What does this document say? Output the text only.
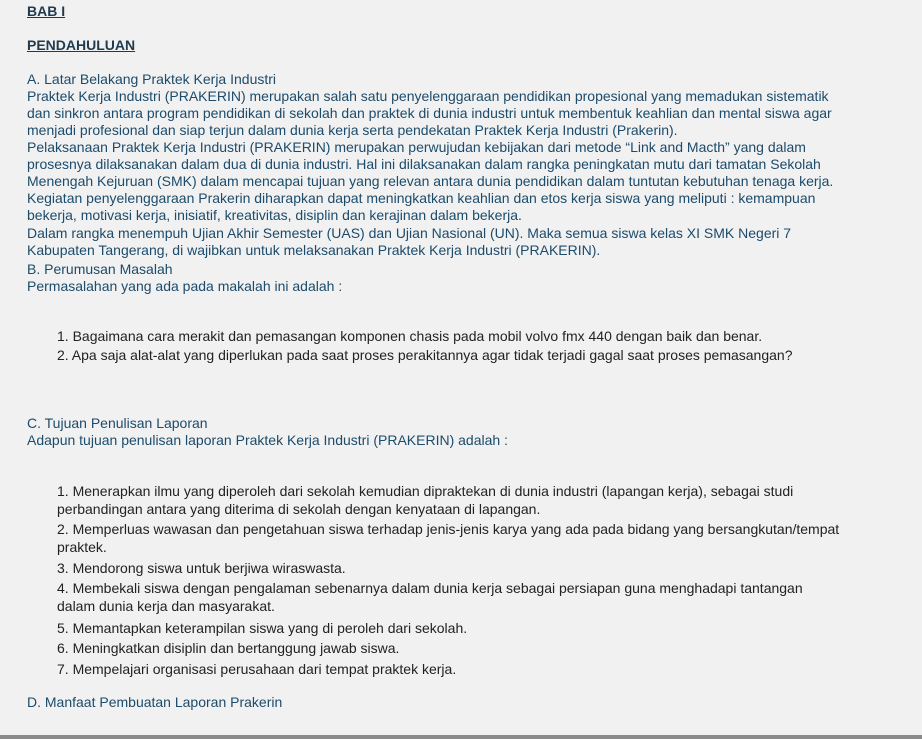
BAB I
PENDAHULUAN
A. Latar Belakang Praktek Kerja Industri
Praktek Kerja Industri (PRAKERIN) merupakan salah satu penyelenggaraan pendidikan propesional yang memadukan sistematik
dan sinkron antara program pendidikan di sekolah dan praktek di dunia industri untuk membentuk keahlian dan mental siswa agar
menjadi profesional dan siap terjun dalam dunia kerja serta pendekatan Praktek Kerja Industri (Prakerin).
Pelaksanaan Praktek Kerja Industri (PRAKERIN) merupakan perwujudan kebijakan dari metode “Link and Macth” yang dalam
prosesnya dilaksanakan dalam dua di dunia industri. Hal ini dilaksanakan dalam rangka peningkatan mutu dari tamatan Sekolah
Menengah Kejuruan (SMK) dalam mencapai tujuan yang relevan antara dunia pendidikan dalam tuntutan kebutuhan tenaga kerja.
Kegiatan penyelenggaraan Prakerin diharapkan dapat meningkatkan keahlian dan etos kerja siswa yang meliputi : kemampuan
bekerja, motivasi kerja, inisiatif, kreativitas, disiplin dan kerajinan dalam bekerja.
Dalam rangka menempuh Ujian Akhir Semester (UAS) dan Ujian Nasional (UN). Maka semua siswa kelas XI SMK Negeri 7
Kabupaten Tangerang, di wajibkan untuk melaksanakan Praktek Kerja Industri (PRAKERIN).
B. Perumusan Masalah
Permasalahan yang ada pada makalah ini adalah :
1. Bagaimana cara merakit dan pemasangan komponen chasis pada mobil volvo fmx 440 dengan baik dan benar.
2. Apa saja alat-alat yang diperlukan pada saat proses perakitannya agar tidak terjadi gagal saat proses pemasangan?
C. Tujuan Penulisan Laporan
Adapun tujuan penulisan laporan Praktek Kerja Industri (PRAKERIN) adalah :
1. Menerapkan ilmu yang diperoleh dari sekolah kemudian dipraktekan di dunia industri (lapangan kerja), sebagai studi
perbandingan antara yang diterima di sekolah dengan kenyataan di lapangan.
2. Memperluas wawasan dan pengetahuan siswa terhadap jenis-jenis karya yang ada pada bidang yang bersangkutan/tempat
praktek.
3. Mendorong siswa untuk berjiwa wiraswasta.
4. Membekali siswa dengan pengalaman sebenarnya dalam dunia kerja sebagai persiapan guna menghadapi tantangan
dalam dunia kerja dan masyarakat.
5. Memantapkan keterampilan siswa yang di peroleh dari sekolah.
6. Meningkatkan disiplin dan bertanggung jawab siswa.
7. Mempelajari organisasi perusahaan dari tempat praktek kerja.
D. Manfaat Pembuatan Laporan Prakerin
